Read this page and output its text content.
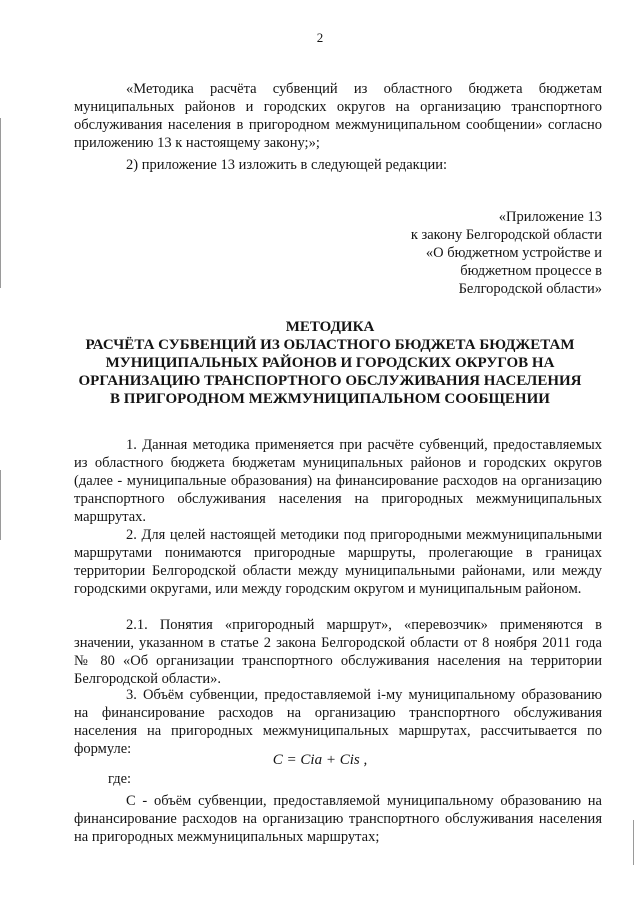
2

«Методика расчёта субвенций из областного бюджета бюджетам муниципальных районов и городских округов на организацию транспортного обслуживания населения в пригородном межмуниципальном сообщении» согласно приложению 13 к настоящему закону;»;

2) приложение 13 изложить в следующей редакции:

«Приложение 13
к закону Белгородской области
«О бюджетном устройстве и
бюджетном процессе в
Белгородской области»
МЕТОДИКА
РАСЧЁТА СУБВЕНЦИЙ ИЗ ОБЛАСТНОГО БЮДЖЕТА БЮДЖЕТАМ
МУНИЦИПАЛЬНЫХ РАЙОНОВ И ГОРОДСКИХ ОКРУГОВ НА
ОРГАНИЗАЦИЮ ТРАНСПОРТНОГО ОБСЛУЖИВАНИЯ НАСЕЛЕНИЯ
В ПРИГОРОДНОМ МЕЖМУНИЦИПАЛЬНОМ СООБЩЕНИИ

1. Данная методика применяется при расчёте субвенций, предоставляемых из областного бюджета бюджетам муниципальных районов и городских округов (далее - муниципальные образования) на финансирование расходов на организацию транспортного обслуживания населения на пригородных межмуниципальных маршрутах.

2. Для целей настоящей методики под пригородными межмуниципальными маршрутами понимаются пригородные маршруты, пролегающие в границах территории Белгородской области между муниципальными районами, или между городскими округами, или между городским округом и муниципальным районом.

2.1. Понятия «пригородный маршрут», «перевозчик» применяются в значении, указанном в статье 2 закона Белгородской области от 8 ноября 2011 года № 80 «Об организации транспортного обслуживания населения на территории Белгородской области».

3. Объём субвенции, предоставляемой i-му муниципальному образованию на финансирование расходов на организацию транспортного обслуживания населения на пригородных межмуниципальных маршрутах, рассчитывается по формуле:

C = Cia + Cis ,
где:

C - объём субвенции, предоставляемой муниципальному образованию на финансирование расходов на организацию транспортного обслуживания населения на пригородных межмуниципальных маршрутах;
